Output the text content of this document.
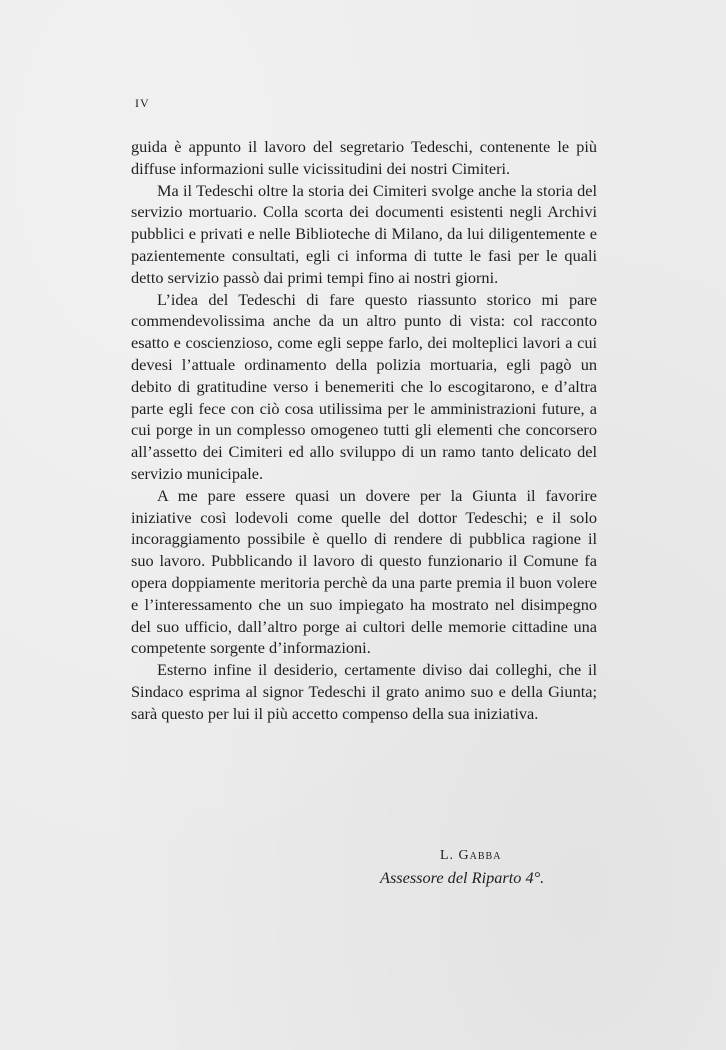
IV

guida è appunto il lavoro del segretario Tedeschi, contenente le più diffuse informazioni sulle vicissitudini dei nostri Cimiteri.

Ma il Tedeschi oltre la storia dei Cimiteri svolge anche la storia del servizio mortuario. Colla scorta dei documenti esistenti negli Archivi pubblici e privati e nelle Biblioteche di Milano, da lui diligentemente e pazientemente consultati, egli ci informa di tutte le fasi per le quali detto servizio passò dai primi tempi fino ai nostri giorni.

L’idea del Tedeschi di fare questo riassunto storico mi pare commendevolissima anche da un altro punto di vista: col racconto esatto e coscienzioso, come egli seppe farlo, dei molteplici lavori a cui devesi l’attuale ordinamento della polizia mortuaria, egli pagò un debito di gratitudine verso i benemeriti che lo escogitarono, e d’altra parte egli fece con ciò cosa utilissima per le amministrazioni future, a cui porge in un complesso omogeneo tutti gli elementi che concorsero all’assetto dei Cimiteri ed allo sviluppo di un ramo tanto delicato del servizio municipale.

A me pare essere quasi un dovere per la Giunta il favorire iniziative così lodevoli come quelle del dottor Tedeschi; e il solo incoraggiamento possibile è quello di rendere di pubblica ragione il suo lavoro. Pubblicando il lavoro di questo funzionario il Comune fa opera doppiamente meritoria perchè da una parte premia il buon volere e l’interessamento che un suo impiegato ha mostrato nel disimpegno del suo ufficio, dall’altro porge ai cultori delle memorie cittadine una competente sorgente d’informazioni.

Esterno infine il desiderio, certamente diviso dai colleghi, che il Sindaco esprima al signor Tedeschi il grato animo suo e della Giunta; sarà questo per lui il più accetto compenso della sua iniziativa.

L. Gabba

Assessore del Riparto 4°.
